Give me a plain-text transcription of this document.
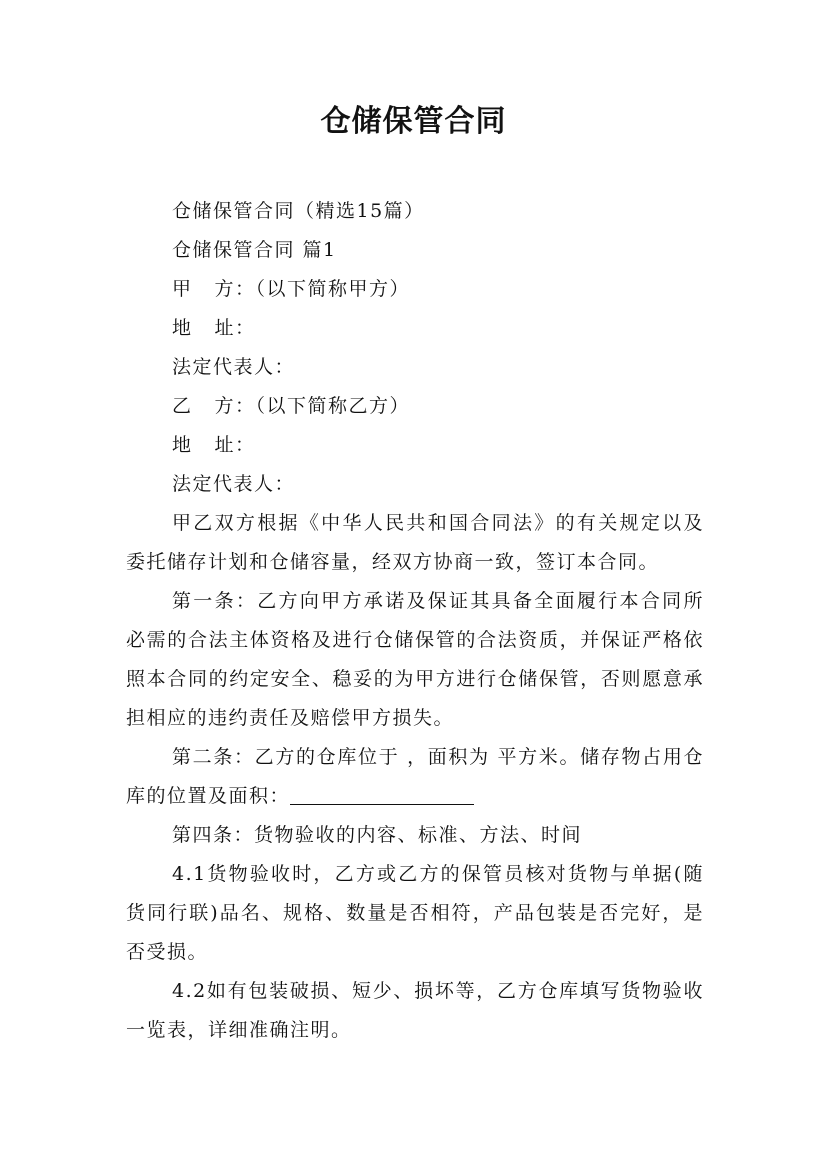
仓储保管合同

仓储保管合同（精选15篇）

仓储保管合同 篇1

甲 方：（以下简称甲方）

地 址：

法定代表人：

乙 方：（以下简称乙方）

地 址：

法定代表人：

甲乙双方根据《中华人民共和国合同法》的有关规定以及委托储存计划和仓储容量，经双方协商一致，签订本合同。

第一条：乙方向甲方承诺及保证其具备全面履行本合同所必需的合法主体资格及进行仓储保管的合法资质，并保证严格依照本合同的约定安全、稳妥的为甲方进行仓储保管，否则愿意承担相应的违约责任及赔偿甲方损失。

第二条：乙方的仓库位于 ，面积为 平方米。储存物占用仓库的位置及面积：

第四条：货物验收的内容、标准、方法、时间

4.1货物验收时，乙方或乙方的保管员核对货物与单据(随货同行联)品名、规格、数量是否相符，产品包装是否完好，是否受损。

4.2如有包装破损、短少、损坏等，乙方仓库填写货物验收一览表，详细准确注明。
